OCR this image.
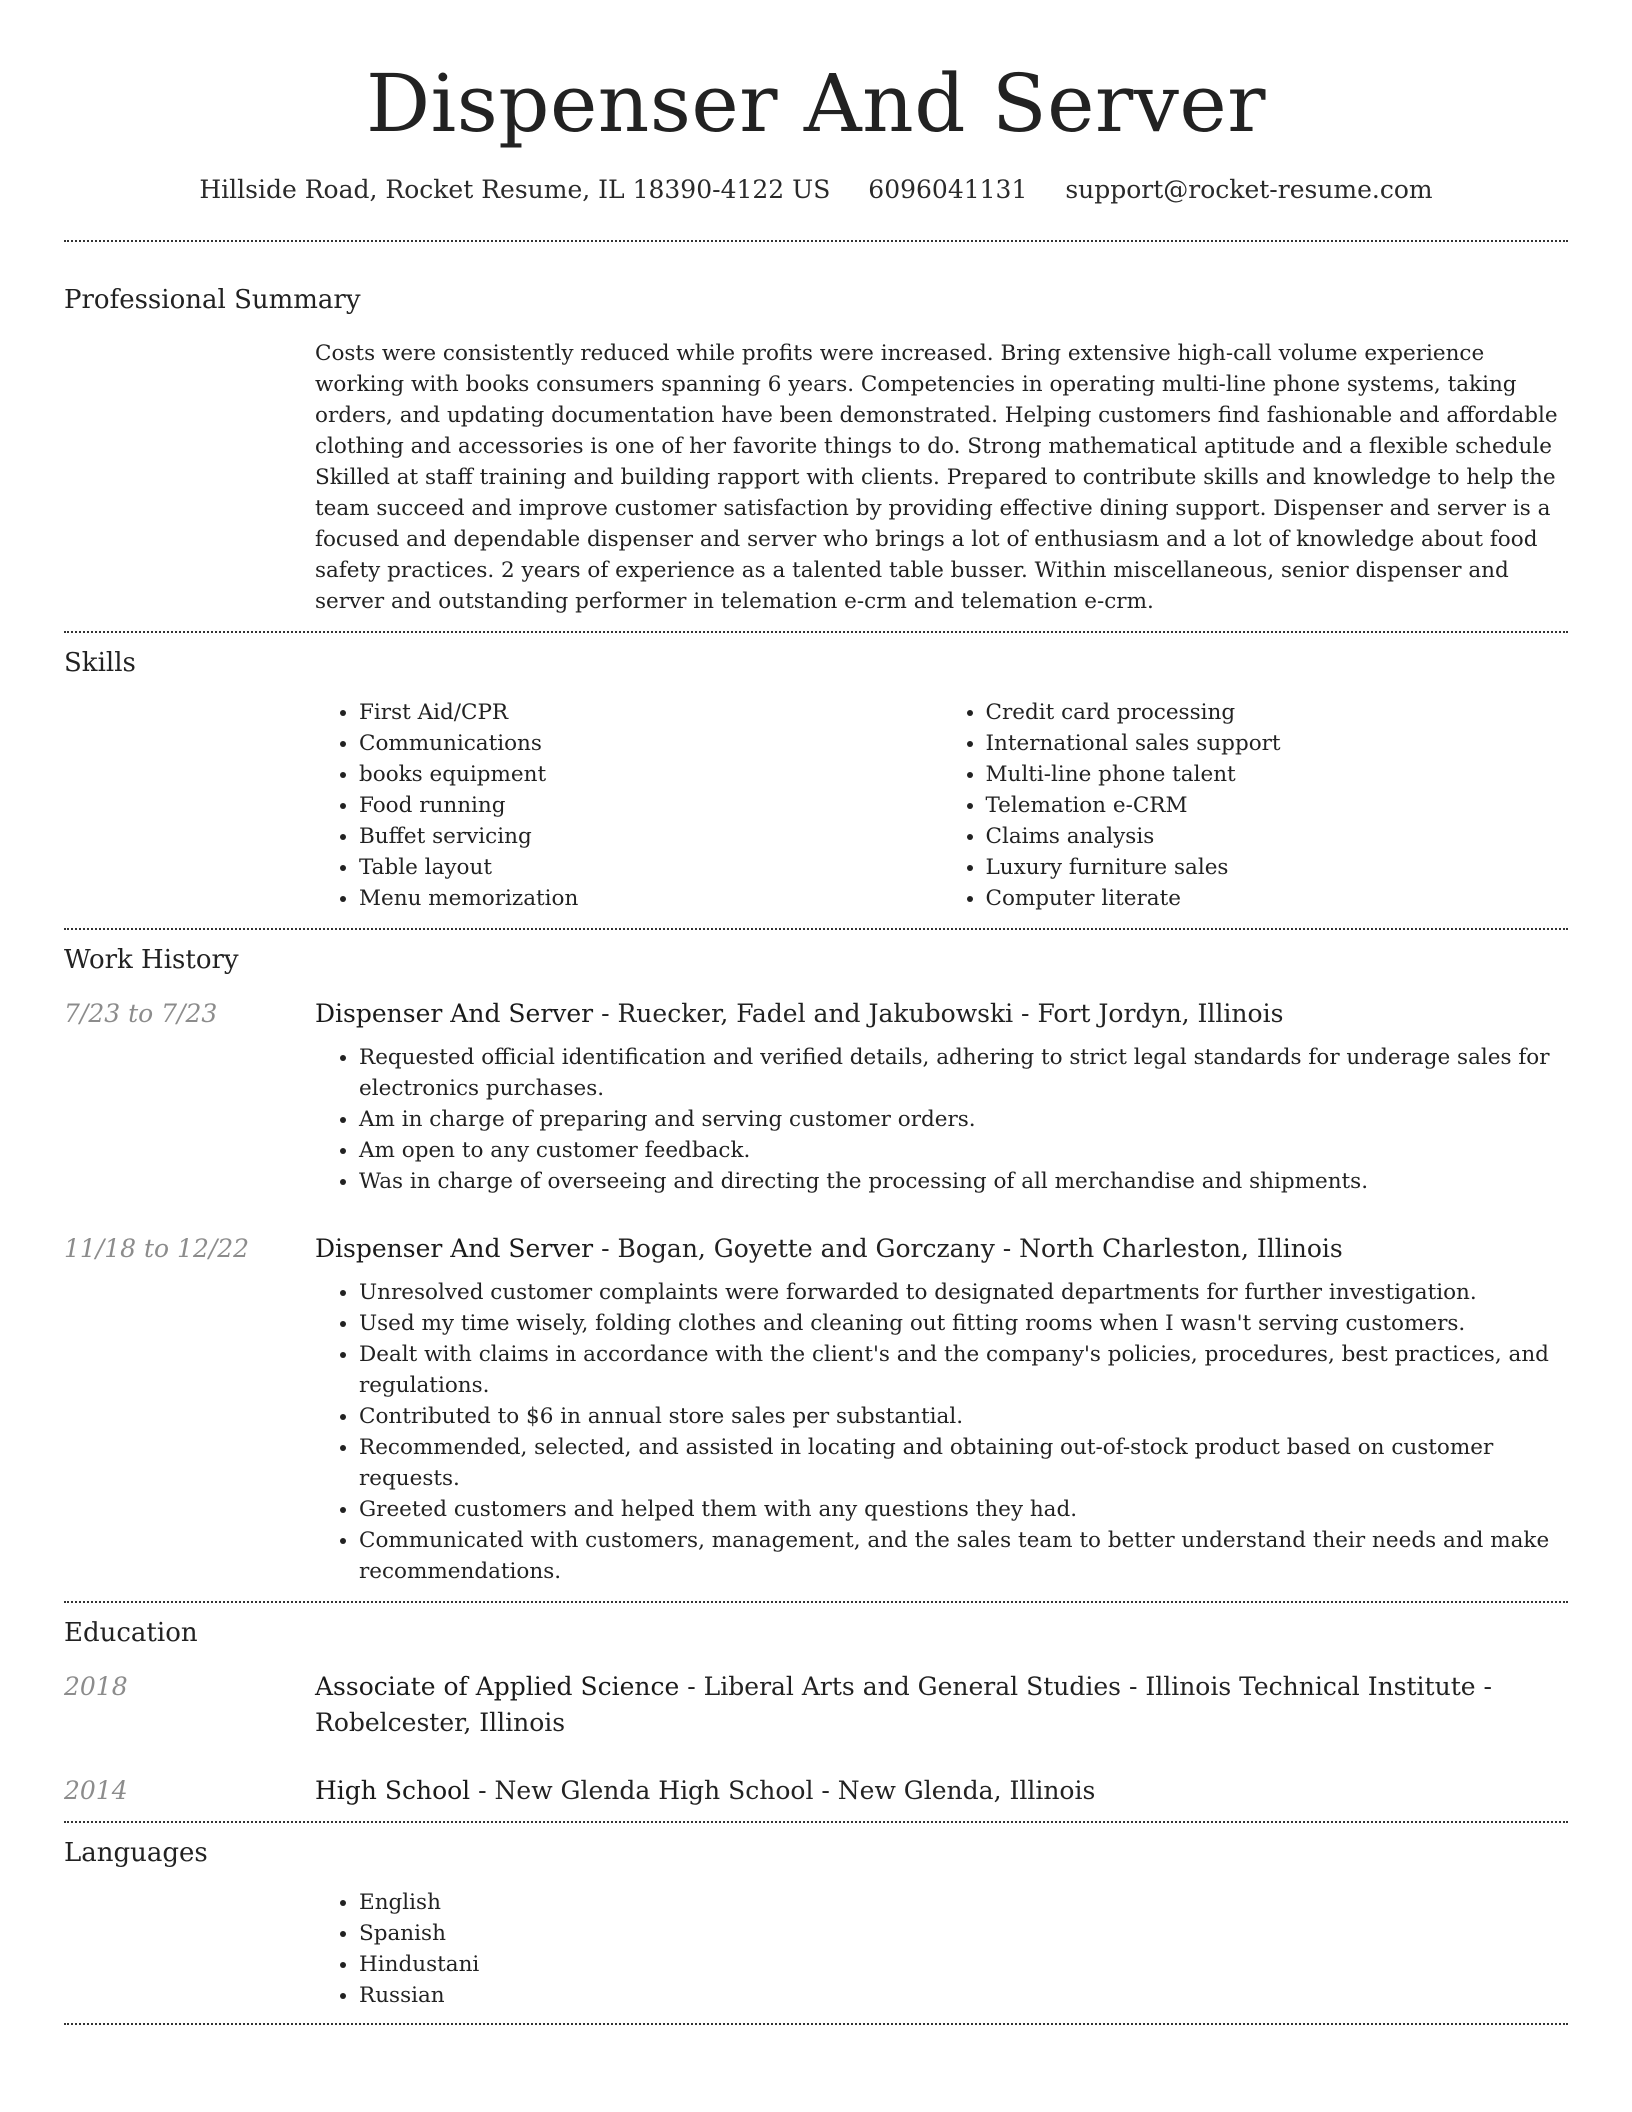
Dispenser And Server
Hillside Road, Rocket Resume, IL 18390-4122 US 6096041131 support@rocket-resume.com
Professional Summary

Costs were consistently reduced while profits were increased. Bring extensive high-call volume experience working with books consumers spanning 6 years. Competencies in operating multi-line phone systems, taking orders, and updating documentation have been demonstrated. Helping customers find fashionable and affordable clothing and accessories is one of her favorite things to do. Strong mathematical aptitude and a flexible schedule Skilled at staff training and building rapport with clients. Prepared to contribute skills and knowledge to help the team succeed and improve customer satisfaction by providing effective dining support. Dispenser and server is a focused and dependable dispenser and server who brings a lot of enthusiasm and a lot of knowledge about food safety practices. 2 years of experience as a talented table busser. Within miscellaneous, senior dispenser and server and outstanding performer in telemation e-crm and telemation e-crm.

Skills
• First Aid/CPR
• Communications
• books equipment
• Food running
• Buffet servicing
• Table layout
• Menu memorization
• Credit card processing
• International sales support
• Multi-line phone talent
• Telemation e-CRM
• Claims analysis
• Luxury furniture sales
• Computer literate
Work History
7/23 to 7/23	Dispenser And Server - Ruecker, Fadel and Jakubowski - Fort Jordyn, Illinois
• Requested official identification and verified details, adhering to strict legal standards for underage sales for electronics purchases.
• Am in charge of preparing and serving customer orders.
• Am open to any customer feedback.
• Was in charge of overseeing and directing the processing of all merchandise and shipments.
11/18 to 12/22	Dispenser And Server - Bogan, Goyette and Gorczany - North Charleston, Illinois
• Unresolved customer complaints were forwarded to designated departments for further investigation.
• Used my time wisely, folding clothes and cleaning out fitting rooms when I wasn't serving customers.
• Dealt with claims in accordance with the client's and the company's policies, procedures, best practices, and regulations.
• Contributed to $6 in annual store sales per substantial.
• Recommended, selected, and assisted in locating and obtaining out-of-stock product based on customer requests.
• Greeted customers and helped them with any questions they had.
• Communicated with customers, management, and the sales team to better understand their needs and make recommendations.
Education
2018	Associate of Applied Science - Liberal Arts and General Studies - Illinois Technical Institute - Robelcester, Illinois
2014	High School - New Glenda High School - New Glenda, Illinois
Languages
• English
• Spanish
• Hindustani
• Russian
